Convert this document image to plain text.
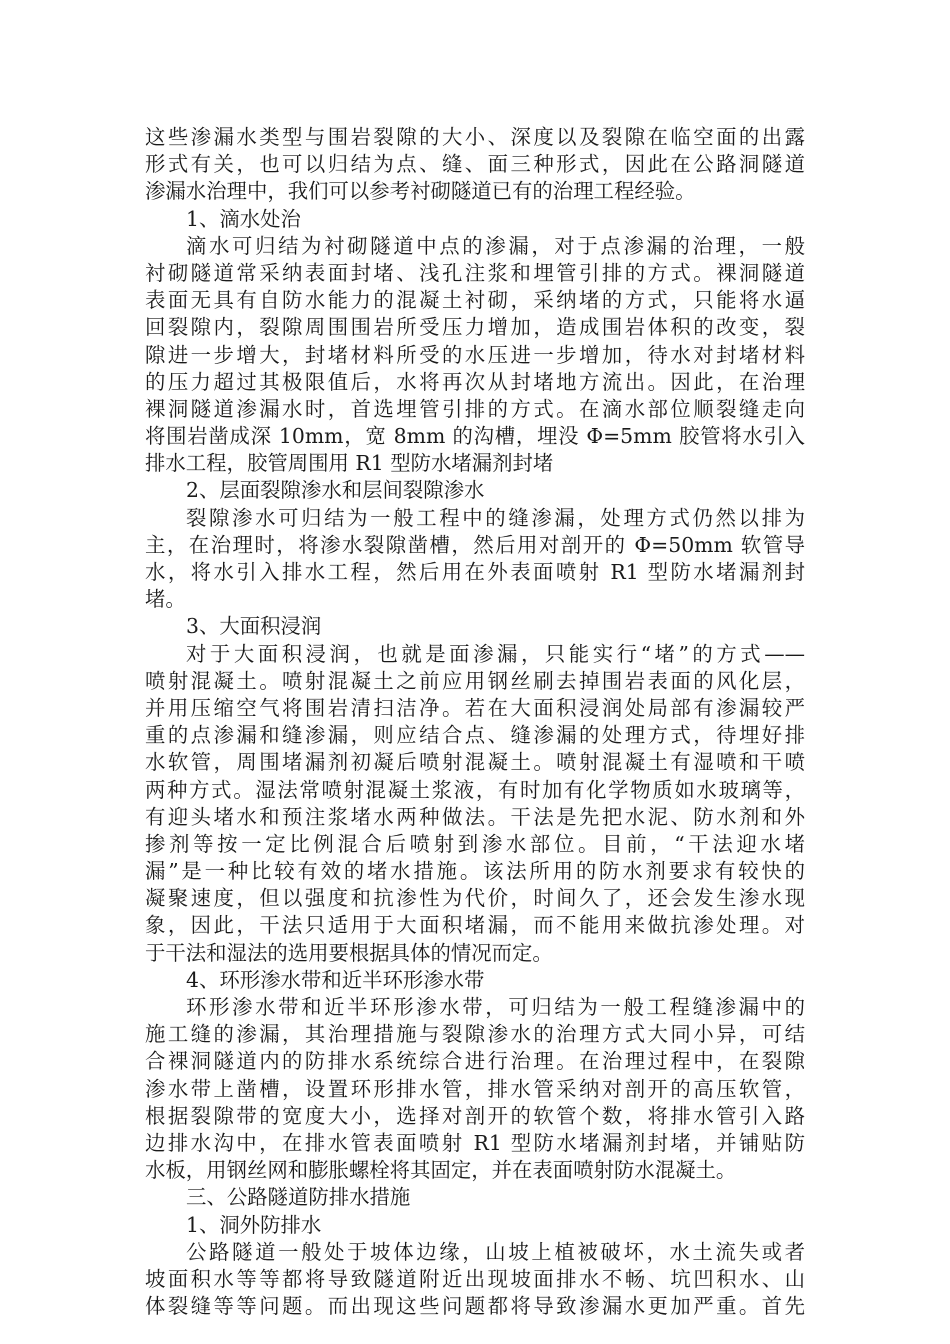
这些渗漏水类型与围岩裂隙的大小、深度以及裂隙在临空面的出露
形式有关，也可以归结为点、缝、面三种形式，因此在公路洞隧道
渗漏水治理中，我们可以参考衬砌隧道已有的治理工程经验。
1、滴水处治
滴水可归结为衬砌隧道中点的渗漏，对于点渗漏的治理，一般
衬砌隧道常采纳表面封堵、浅孔注浆和埋管引排的方式。裸洞隧道
表面无具有自防水能力的混凝土衬砌，采纳堵的方式，只能将水逼
回裂隙内，裂隙周围围岩所受压力增加，造成围岩体积的改变，裂
隙进一步增大，封堵材料所受的水压进一步增加，待水对封堵材料
的压力超过其极限值后，水将再次从封堵地方流出。因此，在治理
裸洞隧道渗漏水时，首选埋管引排的方式。在滴水部位顺裂缝走向
将围岩凿成深 10mm，宽 8mm 的沟槽，埋没 Φ=5mm 胶管将水引入
排水工程，胶管周围用 R1 型防水堵漏剂封堵
2、层面裂隙渗水和层间裂隙渗水
裂隙渗水可归结为一般工程中的缝渗漏，处理方式仍然以排为
主，在治理时，将渗水裂隙凿槽，然后用对剖开的 Φ=50mm 软管导
水，将水引入排水工程，然后用在外表面喷射 R1 型防水堵漏剂封
堵。
3、大面积浸润
对于大面积浸润，也就是面渗漏，只能实行“堵”的方式——
喷射混凝土。喷射混凝土之前应用钢丝刷去掉围岩表面的风化层，
并用压缩空气将围岩清扫洁净。若在大面积浸润处局部有渗漏较严
重的点渗漏和缝渗漏，则应结合点、缝渗漏的处理方式，待埋好排
水软管，周围堵漏剂初凝后喷射混凝土。喷射混凝土有湿喷和干喷
两种方式。湿法常喷射混凝土浆液，有时加有化学物质如水玻璃等，
有迎头堵水和预注浆堵水两种做法。干法是先把水泥、防水剂和外
掺剂等按一定比例混合后喷射到渗水部位。目前，“干法迎水堵
漏”是一种比较有效的堵水措施。该法所用的防水剂要求有较快的
凝聚速度，但以强度和抗渗性为代价，时间久了，还会发生渗水现
象，因此，干法只适用于大面积堵漏，而不能用来做抗渗处理。对
于干法和湿法的选用要根据具体的情况而定。
4、环形渗水带和近半环形渗水带
环形渗水带和近半环形渗水带，可归结为一般工程缝渗漏中的
施工缝的渗漏，其治理措施与裂隙渗水的治理方式大同小异，可结
合裸洞隧道内的防排水系统综合进行治理。在治理过程中，在裂隙
渗水带上凿槽，设置环形排水管，排水管采纳对剖开的高压软管，
根据裂隙带的宽度大小，选择对剖开的软管个数，将排水管引入路
边排水沟中，在排水管表面喷射 R1 型防水堵漏剂封堵，并铺贴防
水板，用钢丝网和膨胀螺栓将其固定，并在表面喷射防水混凝土。
三、公路隧道防排水措施
1、洞外防排水
公路隧道一般处于坡体边缘，山坡上植被破坏，水土流失或者
坡面积水等等都将导致隧道附近出现坡面排水不畅、坑凹积水、山
体裂缝等等问题。而出现这些问题都将导致渗漏水更加严重。首先
